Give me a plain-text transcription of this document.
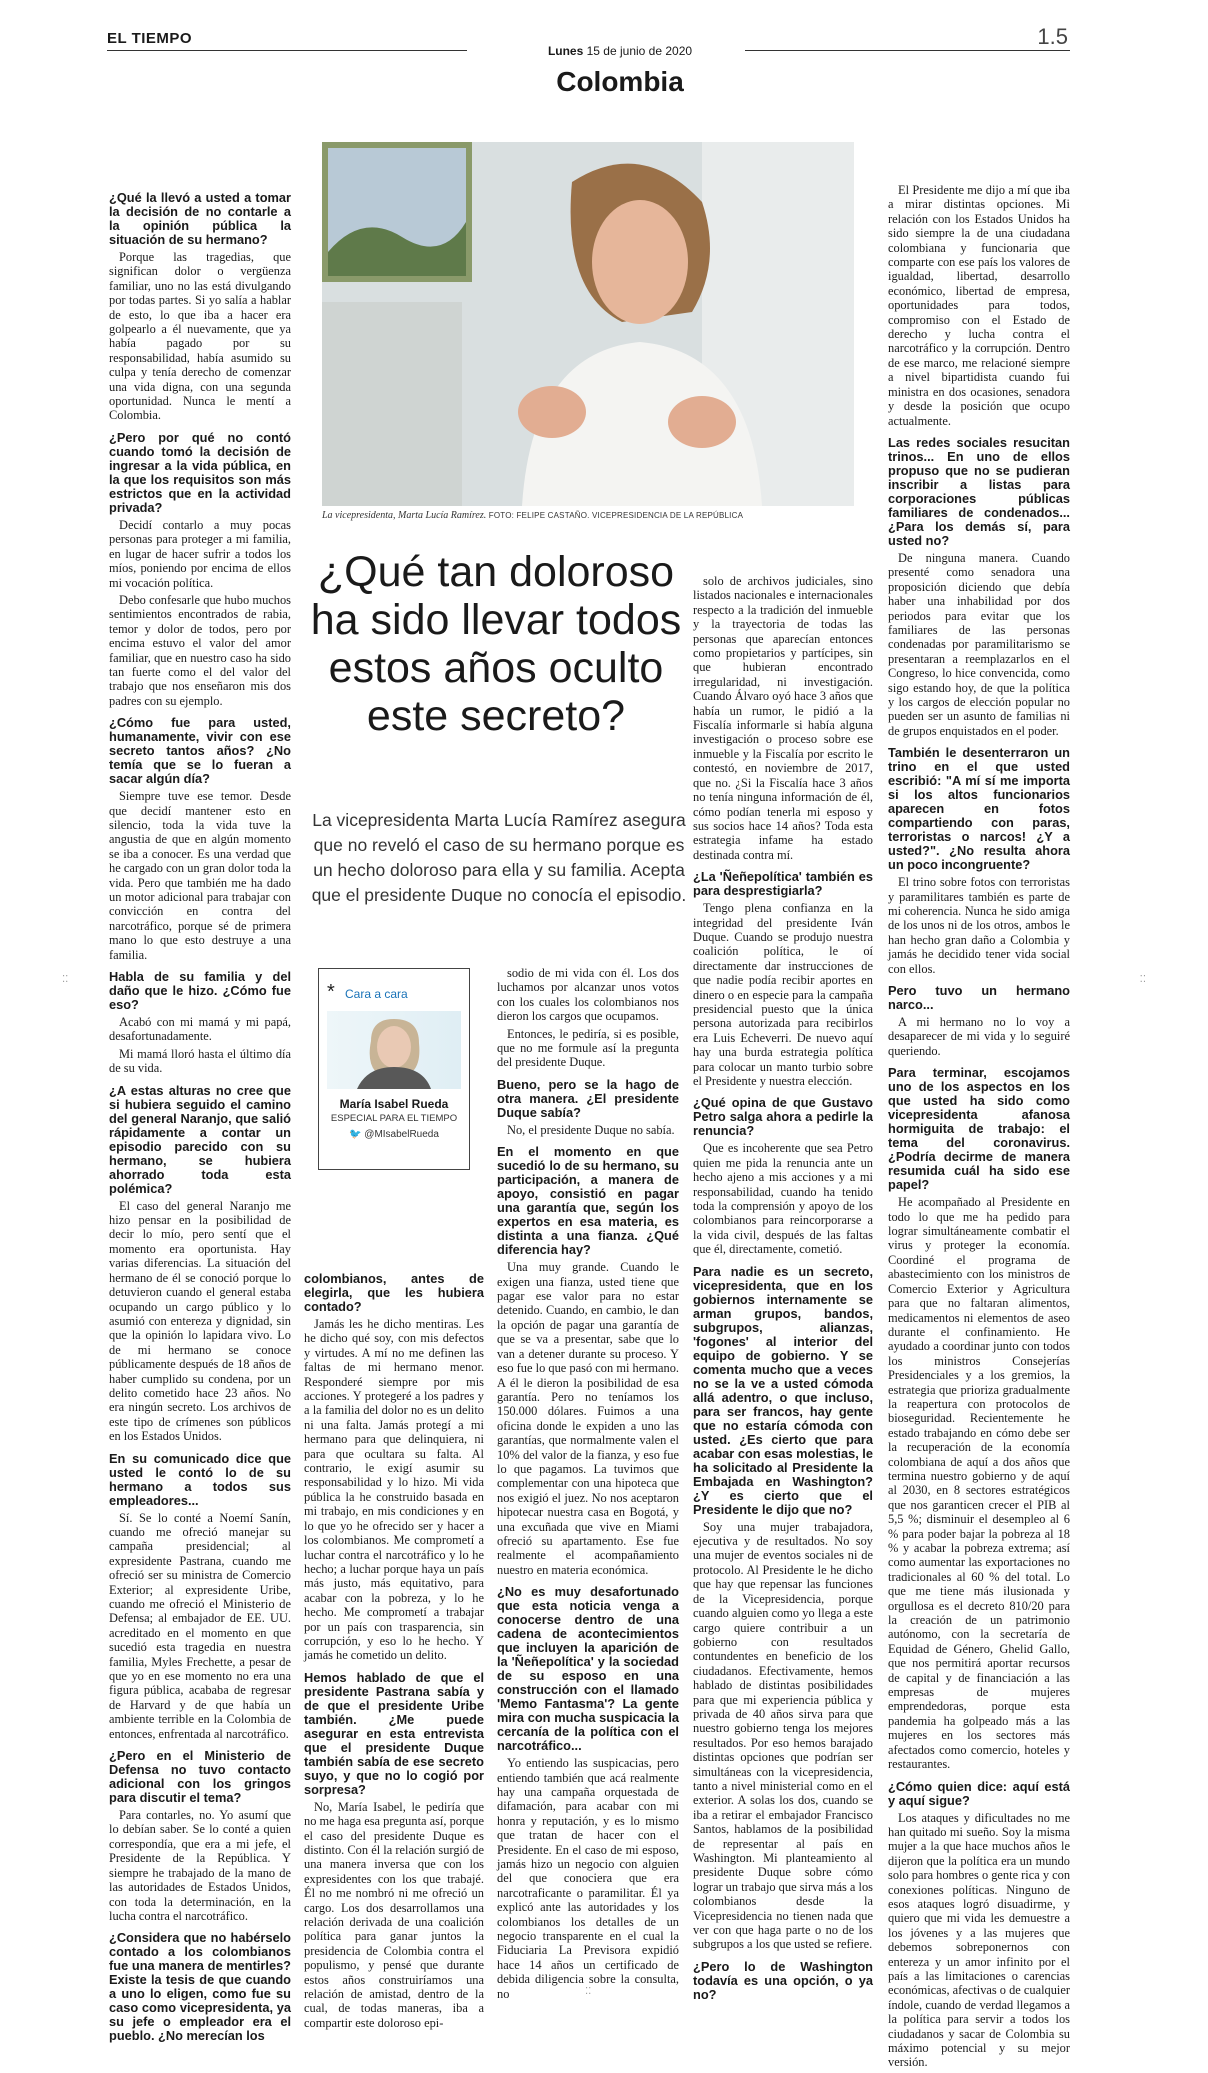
EL TIEMPO
Lunes 15 de junio de 2020
1.5
Colombia
La vicepresidenta, Marta Lucía Ramírez. FOTO: FELIPE CASTAÑO. VICEPRESIDENCIA DE LA REPÚBLICA
¿Qué tan doloroso ha sido llevar todos estos años oculto este secreto?
La vicepresidenta Marta Lucía Ramírez asegura que no reveló el caso de su hermano porque es un hecho doloroso para ella y su familia. Acepta que el presidente Duque no conocía el episodio.
* Cara a cara
María Isabel Rueda
ESPECIAL PARA EL TIEMPO
🐦 @MIsabelRueda

¿Qué la llevó a usted a tomar la decisión de no contarle a la opinión pública la situación de su hermano?

Porque las tragedias, que significan dolor o vergüenza familiar, uno no las está divulgando por todas partes. Si yo salía a hablar de esto, lo que iba a hacer era golpearlo a él nuevamente, que ya había pagado por su responsabilidad, había asumido su culpa y tenía derecho de comenzar una vida digna, con una segunda oportunidad. Nunca le mentí a Colombia.

¿Pero por qué no contó cuando tomó la decisión de ingresar a la vida pública, en la que los requisitos son más estrictos que en la actividad privada?

Decidí contarlo a muy pocas personas para proteger a mi familia, en lugar de hacer sufrir a todos los míos, poniendo por encima de ellos mi vocación política.

Debo confesarle que hubo muchos sentimientos encontrados de rabia, temor y dolor de todos, pero por encima estuvo el valor del amor familiar, que en nuestro caso ha sido tan fuerte como el del valor del trabajo que nos enseñaron mis dos padres con su ejemplo.

¿Cómo fue para usted, humanamente, vivir con ese secreto tantos años? ¿No temía que se lo fueran a sacar algún día?

Siempre tuve ese temor. Desde que decidí mantener esto en silencio, toda la vida tuve la angustia de que en algún momento se iba a conocer. Es una verdad que he cargado con un gran dolor toda la vida. Pero que también me ha dado un motor adicional para trabajar con convicción en contra del narcotráfico, porque sé de primera mano lo que esto destruye a una familia.

Habla de su familia y del daño que le hizo. ¿Cómo fue eso?

Acabó con mi mamá y mi papá, desafortunadamente.

Mi mamá lloró hasta el último día de su vida.

¿A estas alturas no cree que si hubiera seguido el camino del general Naranjo, que salió rápidamente a contar un episodio parecido con su hermano, se hubiera ahorrado toda esta polémica?

El caso del general Naranjo me hizo pensar en la posibilidad de decir lo mío, pero sentí que el momento era oportunista. Hay varias diferencias. La situación del hermano de él se conoció porque lo detuvieron cuando el general estaba ocupando un cargo público y lo asumió con entereza y dignidad, sin que la opinión lo lapidara vivo. Lo de mi hermano se conoce públicamente después de 18 años de haber cumplido su condena, por un delito cometido hace 23 años. No era ningún secreto. Los archivos de este tipo de crímenes son públicos en los Estados Unidos.

En su comunicado dice que usted le contó lo de su hermano a todos sus empleadores...

Sí. Se lo conté a Noemí Sanín, cuando me ofreció manejar su campaña presidencial; al expresidente Pastrana, cuando me ofreció ser su ministra de Comercio Exterior; al expresidente Uribe, cuando me ofreció el Ministerio de Defensa; al embajador de EE. UU. acreditado en el momento en que sucedió esta tragedia en nuestra familia, Myles Frechette, a pesar de que yo en ese momento no era una figura pública, acababa de regresar de Harvard y de que había un ambiente terrible en la Colombia de entonces, enfrentada al narcotráfico.

¿Pero en el Ministerio de Defensa no tuvo contacto adicional con los gringos para discutir el tema?

Para contarles, no. Yo asumí que lo debían saber. Se lo conté a quien correspondía, que era a mi jefe, el Presidente de la República. Y siempre he trabajado de la mano de las autoridades de Estados Unidos, con toda la determinación, en la lucha contra el narcotráfico.

¿Considera que no habérselo contado a los colombianos fue una manera de mentirles? Existe la tesis de que cuando a uno lo eligen, como fue su caso como vicepresidenta, ya su jefe o empleador era el pueblo. ¿No merecían los

colombianos, antes de elegirla, que les hubiera contado?

Jamás les he dicho mentiras. Les he dicho qué soy, con mis defectos y virtudes. A mí no me definen las faltas de mi hermano menor. Responderé siempre por mis acciones. Y protegeré a los padres y a la familia del dolor no es un delito ni una falta. Jamás protegí a mi hermano para que delinquiera, ni para que ocultara su falta. Al contrario, le exigí asumir su responsabilidad y lo hizo. Mi vida pública la he construido basada en mi trabajo, en mis condiciones y en lo que yo he ofrecido ser y hacer a los colombianos. Me comprometí a luchar contra el narcotráfico y lo he hecho; a luchar porque haya un país más justo, más equitativo, para acabar con la pobreza, y lo he hecho. Me comprometí a trabajar por un país con trasparencia, sin corrupción, y eso lo he hecho. Y jamás he cometido un delito.

Hemos hablado de que el presidente Pastrana sabía y de que el presidente Uribe también. ¿Me puede asegurar en esta entrevista que el presidente Duque también sabía de ese secreto suyo, y que no lo cogió por sorpresa?

No, María Isabel, le pediría que no me haga esa pregunta así, porque el caso del presidente Duque es distinto. Con él la relación surgió de una manera inversa que con los expresidentes con los que trabajé. Él no me nombró ni me ofreció un cargo. Los dos desarrollamos una relación derivada de una coalición política para ganar juntos la presidencia de Colombia contra el populismo, y pensé que durante estos años construiríamos una relación de amistad, dentro de la cual, de todas maneras, iba a compartir este doloroso epi-

sodio de mi vida con él. Los dos luchamos por alcanzar unos votos con los cuales los colombianos nos dieron los cargos que ocupamos.

Entonces, le pediría, si es posible, que no me formule así la pregunta del presidente Duque.

Bueno, pero se la hago de otra manera. ¿El presidente Duque sabía?

No, el presidente Duque no sabía.

En el momento en que sucedió lo de su hermano, su participación, a manera de apoyo, consistió en pagar una garantía que, según los expertos en esa materia, es distinta a una fianza. ¿Qué diferencia hay?

Una muy grande. Cuando le exigen una fianza, usted tiene que pagar ese valor para no estar detenido. Cuando, en cambio, le dan la opción de pagar una garantía de que se va a presentar, sabe que lo van a detener durante su proceso. Y eso fue lo que pasó con mi hermano. A él le dieron la posibilidad de esa garantía. Pero no teníamos los 150.000 dólares. Fuimos a una oficina donde le expiden a uno las garantías, que normalmente valen el 10% del valor de la fianza, y eso fue lo que pagamos. La tuvimos que complementar con una hipoteca que nos exigió el juez. No nos aceptaron hipotecar nuestra casa en Bogotá, y una excuñada que vive en Miami ofreció su apartamento. Ese fue realmente el acompañamiento nuestro en materia económica.

¿No es muy desafortunado que esta noticia venga a conocerse dentro de una cadena de acontecimientos que incluyen la aparición de la 'Ñeñepolítica' y la sociedad de su esposo en una construcción con el llamado 'Memo Fantasma'? La gente mira con mucha suspicacia la cercanía de la política con el narcotráfico...

Yo entiendo las suspicacias, pero entiendo también que acá realmente hay una campaña orquestada de difamación, para acabar con mi honra y reputación, y es lo mismo que tratan de hacer con el Presidente. En el caso de mi esposo, jamás hizo un negocio con alguien del que conociera que era narcotraficante o paramilitar. Él ya explicó ante las autoridades y los colombianos los detalles de un negocio transparente en el cual la Fiduciaria La Previsora expidió hace 14 años un certificado de debida diligencia sobre la consulta, no

solo de archivos judiciales, sino listados nacionales e internacionales respecto a la tradición del inmueble y la trayectoria de todas las personas que aparecían entonces como propietarios y partícipes, sin que hubieran encontrado irregularidad, ni investigación. Cuando Álvaro oyó hace 3 años que había un rumor, le pidió a la Fiscalía informarle si había alguna investigación o proceso sobre ese inmueble y la Fiscalía por escrito le contestó, en noviembre de 2017, que no. ¿Si la Fiscalía hace 3 años no tenía ninguna información de él, cómo podían tenerla mi esposo y sus socios hace 14 años? Toda esta estrategia infame ha estado destinada contra mí.

¿La 'Ñeñepolítica' también es para desprestigiarla?

Tengo plena confianza en la integridad del presidente Iván Duque. Cuando se produjo nuestra coalición política, le oí directamente dar instrucciones de que nadie podía recibir aportes en dinero o en especie para la campaña presidencial puesto que la única persona autorizada para recibirlos era Luis Echeverri. De nuevo aquí hay una burda estrategia política para colocar un manto turbio sobre el Presidente y nuestra elección.

¿Qué opina de que Gustavo Petro salga ahora a pedirle la renuncia?

Que es incoherente que sea Petro quien me pida la renuncia ante un hecho ajeno a mis acciones y a mi responsabilidad, cuando ha tenido toda la comprensión y apoyo de los colombianos para reincorporarse a la vida civil, después de las faltas que él, directamente, cometió.

Para nadie es un secreto, vicepresidenta, que en los gobiernos internamente se arman grupos, bandos, subgrupos, alianzas, 'fogones' al interior del equipo de gobierno. Y se comenta mucho que a veces no se la ve a usted cómoda allá adentro, o que incluso, para ser francos, hay gente que no estaría cómoda con usted. ¿Es cierto que para acabar con esas molestias, le ha solicitado al Presidente la Embajada en Washington? ¿Y es cierto que el Presidente le dijo que no?

Soy una mujer trabajadora, ejecutiva y de resultados. No soy una mujer de eventos sociales ni de protocolo. Al Presidente le he dicho que hay que repensar las funciones de la Vicepresidencia, porque cuando alguien como yo llega a este cargo quiere contribuir a un gobierno con resultados contundentes en beneficio de los ciudadanos. Efectivamente, hemos hablado de distintas posibilidades para que mi experiencia pública y privada de 40 años sirva para que nuestro gobierno tenga los mejores resultados. Por eso hemos barajado distintas opciones que podrían ser simultáneas con la vicepresidencia, tanto a nivel ministerial como en el exterior. A solas los dos, cuando se iba a retirar el embajador Francisco Santos, hablamos de la posibilidad de representar al país en Washington. Mi planteamiento al presidente Duque sobre cómo lograr un trabajo que sirva más a los colombianos desde la Vicepresidencia no tienen nada que ver con que haga parte o no de los subgrupos a los que usted se refiere.

¿Pero lo de Washington todavía es una opción, o ya no?

El Presidente me dijo a mí que iba a mirar distintas opciones. Mi relación con los Estados Unidos ha sido siempre la de una ciudadana colombiana y funcionaria que comparte con ese país los valores de igualdad, libertad, desarrollo económico, libertad de empresa, oportunidades para todos, compromiso con el Estado de derecho y lucha contra el narcotráfico y la corrupción. Dentro de ese marco, me relacioné siempre a nivel bipartidista cuando fui ministra en dos ocasiones, senadora y desde la posición que ocupo actualmente.

Las redes sociales resucitan trinos... En uno de ellos propuso que no se pudieran inscribir a listas para corporaciones públicas familiares de condenados... ¿Para los demás sí, para usted no?

De ninguna manera. Cuando presenté como senadora una proposición diciendo que debía haber una inhabilidad por dos periodos para evitar que los familiares de las personas condenadas por paramilitarismo se presentaran a reemplazarlos en el Congreso, lo hice convencida, como sigo estando hoy, de que la política y los cargos de elección popular no pueden ser un asunto de familias ni de grupos enquistados en el poder.

También le desenterraron un trino en el que usted escribió: "A mí sí me importa si los altos funcionarios aparecen en fotos compartiendo con paras, terroristas o narcos! ¿Y a usted?". ¿No resulta ahora un poco incongruente?

El trino sobre fotos con terroristas y paramilitares también es parte de mi coherencia. Nunca he sido amiga de los unos ni de los otros, ambos le han hecho gran daño a Colombia y jamás he decidido tener vida social con ellos.

Pero tuvo un hermano narco...

A mi hermano no lo voy a desaparecer de mi vida y lo seguiré queriendo.

Para terminar, escojamos uno de los aspectos en los que usted ha sido como vicepresidenta afanosa hormiguita de trabajo: el tema del coronavirus. ¿Podría decirme de manera resumida cuál ha sido ese papel?

He acompañado al Presidente en todo lo que me ha pedido para lograr simultáneamente combatir el virus y proteger la economía. Coordiné el programa de abastecimiento con los ministros de Comercio Exterior y Agricultura para que no faltaran alimentos, medicamentos ni elementos de aseo durante el confinamiento. He ayudado a coordinar junto con todos los ministros Consejerías Presidenciales y a los gremios, la estrategia que prioriza gradualmente la reapertura con protocolos de bioseguridad. Recientemente he estado trabajando en cómo debe ser la recuperación de la economía colombiana de aquí a dos años que termina nuestro gobierno y de aquí al 2030, en 8 sectores estratégicos que nos garanticen crecer el PIB al 5,5 %; disminuir el desempleo al 6 % para poder bajar la pobreza al 18 % y acabar la pobreza extrema; así como aumentar las exportaciones no tradicionales al 60 % del total. Lo que me tiene más ilusionada y orgullosa es el decreto 810/20 para la creación de un patrimonio autónomo, con la secretaría de Equidad de Género, Ghelid Gallo, que nos permitirá aportar recursos de capital y de financiación a las empresas de mujeres emprendedoras, porque esta pandemia ha golpeado más a las mujeres en los sectores más afectados como comercio, hoteles y restaurantes.

¿Cómo quien dice: aquí está y aquí sigue?

Los ataques y dificultades no me han quitado mi sueño. Soy la misma mujer a la que hace muchos años le dijeron que la política era un mundo solo para hombres o gente rica y con conexiones políticas. Ninguno de esos ataques logró disuadirme, y quiero que mi vida les demuestre a los jóvenes y a las mujeres que debemos sobreponernos con entereza y un amor infinito por el país a las limitaciones o carencias económicas, afectivas o de cualquier índole, cuando de verdad llegamos a la política para servir a todos los ciudadanos y sacar de Colombia su máximo potencial y su mejor versión.

⁚⁚	⁚⁚
⁚⁚
